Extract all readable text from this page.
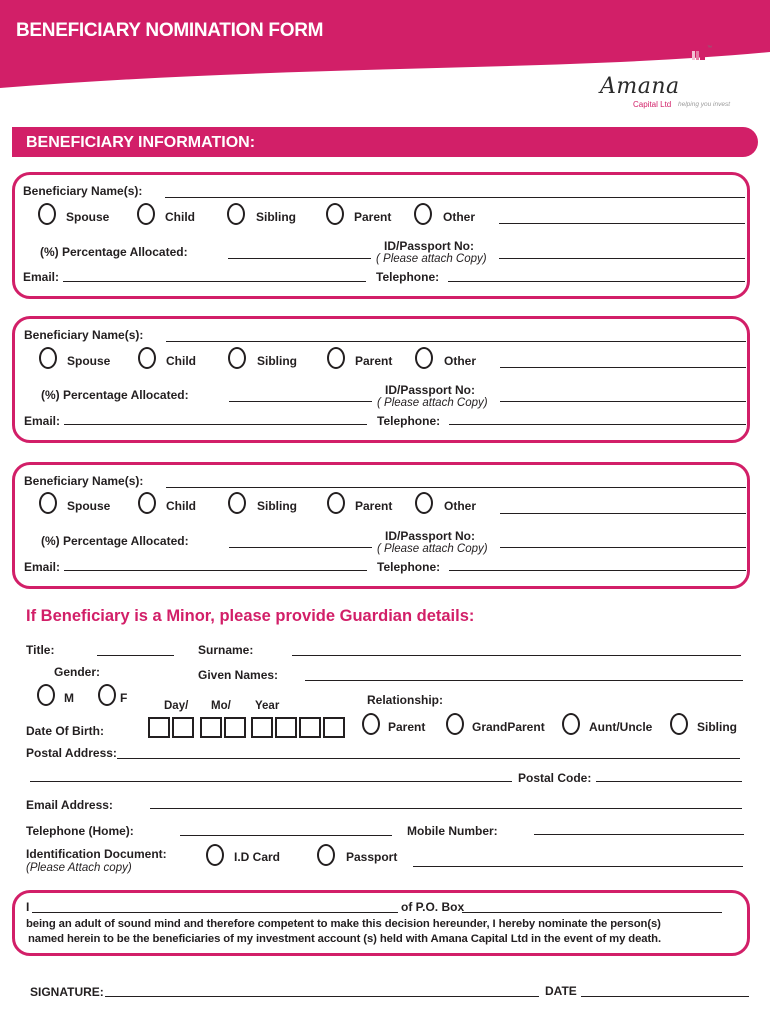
BENEFICIARY NOMINATION FORM
™
Amana
Capital Ltd helping you invest
BENEFICIARY INFORMATION:
Beneficiary Name(s):
Spouse	Child	Sibling	Parent	Other
(%) Percentage Allocated:	ID/Passport No:
( Please attach Copy)
Email:	Telephone:
Beneficiary Name(s):
Spouse	Child	Sibling	Parent	Other
(%) Percentage Allocated:	ID/Passport No:
( Please attach Copy)
Email:	Telephone:
Beneficiary Name(s):
Spouse	Child	Sibling	Parent	Other
(%) Percentage Allocated:	ID/Passport No:
( Please attach Copy)
Email:	Telephone:
If Beneficiary is a Minor, please provide Guardian details:
Title:	Surname:
Gender:	Given Names:
M	F
Day/ Mo/ Year	Relationship:
Date Of Birth:	Parent	GrandParent	Aunt/Uncle	Sibling
Postal Address:
Postal Code:
Email Address:
Telephone (Home):	Mobile Number:
Identification Document:
(Please Attach copy)
I.D Card	Passport
I	of P.O. Box
being an adult of sound mind and therefore competent to make this decision hereunder, I hereby nominate the person(s)
named herein to be the beneficiaries of my investment account (s) held with Amana Capital Ltd in the event of my death.
SIGNATURE:	DATE
